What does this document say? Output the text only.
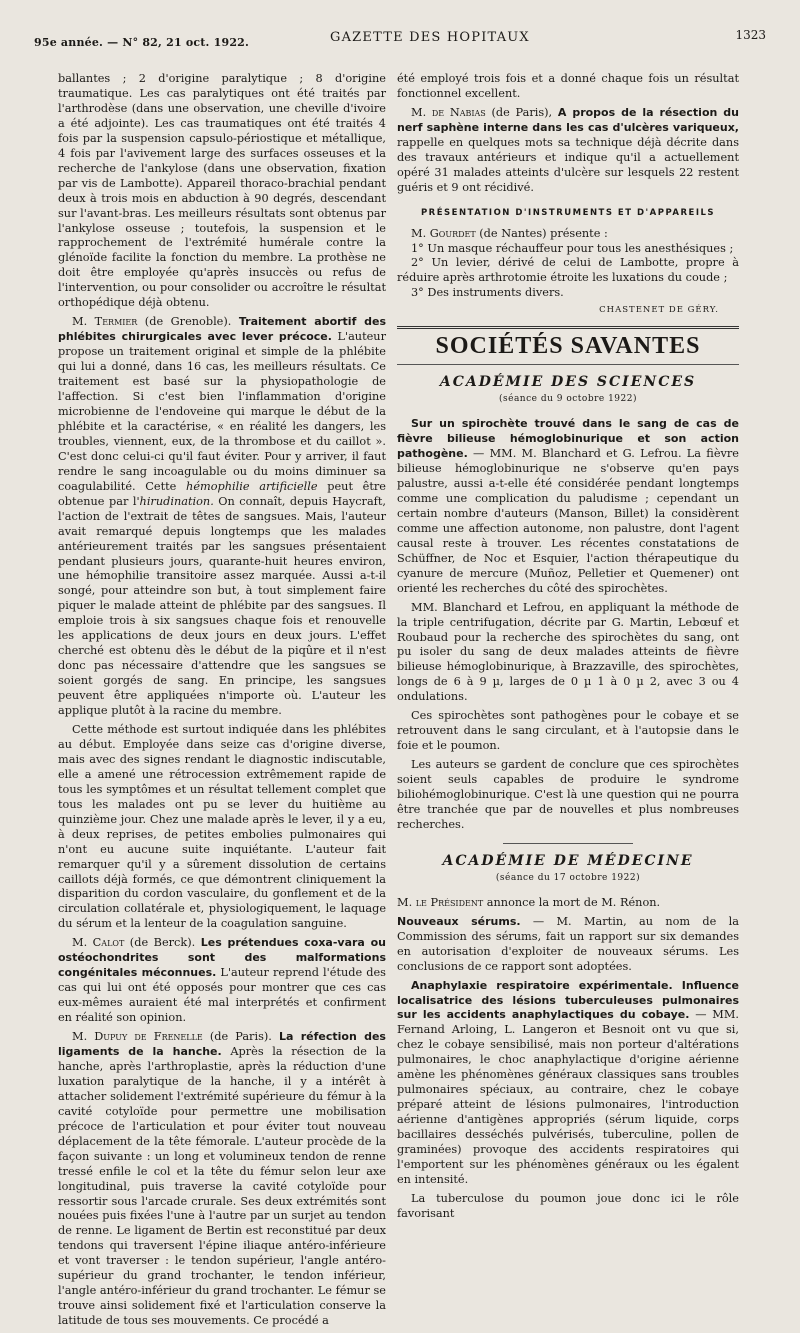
95e année. — N° 82, 21 oct. 1922.	GAZETTE DES HOPITAUX	1323

ballantes ; 2 d'origine paralytique ; 8 d'origine traumatique. Les cas paralytiques ont été traités par l'arthrodèse (dans une observation, une cheville d'ivoire a été adjointe). Les cas traumatiques ont été traités 4 fois par la suspension capsulo-périostique et métallique, 4 fois par l'avivement large des surfaces osseuses et la recherche de l'ankylose (dans une observation, fixation par vis de Lambotte). Appareil thoraco-brachial pendant deux à trois mois en abduction à 90 degrés, descendant sur l'avant-bras. Les meilleurs résultats sont obtenus par l'ankylose osseuse ; toutefois, la suspension et le rapprochement de l'extrémité humérale contre la glénoïde facilite la fonction du membre. La prothèse ne doit être employée qu'après insuccès ou refus de l'intervention, ou pour consolider ou accroître le résultat orthopédique déjà obtenu.

M. Termier (de Grenoble). Traitement abortif des phlébites chirurgicales avec lever précoce. L'auteur propose un traitement original et simple de la phlébite qui lui a donné, dans 16 cas, les meilleurs résultats. Ce traitement est basé sur la physiopathologie de l'affection. Si c'est bien l'inflammation d'origine microbienne de l'endoveine qui marque le début de la phlébite et la caractérise, « en réalité les dangers, les troubles, viennent, eux, de la thrombose et du caillot ». C'est donc celui-ci qu'il faut éviter. Pour y arriver, il faut rendre le sang incoagulable ou du moins diminuer sa coagulabilité. Cette hémophilie artificielle peut être obtenue par l'hirudination. On connaît, depuis Haycraft, l'action de l'extrait de têtes de sangsues. Mais, l'auteur avait remarqué depuis longtemps que les malades antérieurement traités par les sangsues présentaient pendant plusieurs jours, quarante-huit heures environ, une hémophilie transitoire assez marquée. Aussi a-t-il songé, pour atteindre son but, à tout simplement faire piquer le malade atteint de phlébite par des sangsues. Il emploie trois à six sangsues chaque fois et renouvelle les applications de deux jours en deux jours. L'effet cherché est obtenu dès le début de la piqûre et il n'est donc pas nécessaire d'attendre que les sangsues se soient gorgés de sang. En principe, les sangsues peuvent être appliquées n'importe où. L'auteur les applique plutôt à la racine du membre.

Cette méthode est surtout indiquée dans les phlébites au début. Employée dans seize cas d'origine diverse, mais avec des signes rendant le diagnostic indiscutable, elle a amené une rétrocession extrêmement rapide de tous les symptômes et un résultat tellement complet que tous les malades ont pu se lever du huitième au quinzième jour. Chez une malade après le lever, il y a eu, à deux reprises, de petites embolies pulmonaires qui n'ont eu aucune suite inquiétante. L'auteur fait remarquer qu'il y a sûrement dissolution de certains caillots déjà formés, ce que démontrent cliniquement la disparition du cordon vasculaire, du gonflement et de la circulation collatérale et, physiologiquement, le laquage du sérum et la lenteur de la coagulation sanguine.

M. Calot (de Berck). Les prétendues coxa-vara ou ostéochondrites sont des malformations congénitales méconnues. L'auteur reprend l'étude des cas qui lui ont été opposés pour montrer que ces cas eux-mêmes auraient été mal interprétés et confirment en réalité son opinion.

M. Dupuy de Frenelle (de Paris). La réfection des ligaments de la hanche. Après la résection de la hanche, après l'arthroplastie, après la réduction d'une luxation paralytique de la hanche, il y a intérêt à attacher solidement l'extrémité supérieure du fémur à la cavité cotyloïde pour permettre une mobilisation précoce de l'articulation et pour éviter tout nouveau déplacement de la tête fémorale. L'auteur procède de la façon suivante : un long et volumineux tendon de renne tressé enfile le col et la tête du fémur selon leur axe longitudinal, puis traverse la cavité cotyloïde pour ressortir sous l'arcade crurale. Ses deux extrémités sont nouées puis fixées l'une à l'autre par un surjet au tendon de renne. Le ligament de Bertin est reconstitué par deux tendons qui traversent l'épine iliaque antéro-inférieure et vont traverser : le tendon supérieur, l'angle antéro-supérieur du grand trochanter, le tendon inférieur, l'angle antéro-inférieur du grand trochanter. Le fémur se trouve ainsi solidement fixé et l'articulation conserve la latitude de tous ses mouvements. Ce procédé a

été employé trois fois et a donné chaque fois un résultat fonctionnel excellent.

M. de Nabias (de Paris), A propos de la résection du nerf saphène interne dans les cas d'ulcères variqueux, rappelle en quelques mots sa technique déjà décrite dans des travaux antérieurs et indique qu'il a actuellement opéré 31 malades atteints d'ulcère sur lesquels 22 restent guéris et 9 ont récidivé.

PRÉSENTATION D'INSTRUMENTS ET D'APPAREILS

M. Gourdet (de Nantes) présente :

1° Un masque réchauffeur pour tous les anesthésiques ;

2° Un levier, dérivé de celui de Lambotte, propre à réduire après arthrotomie étroite les luxations du coude ;

3° Des instruments divers.

CHASTENET DE GÉRY.
SOCIÉTÉS SAVANTES
ACADÉMIE DES SCIENCES
(séance du 9 octobre 1922)

Sur un spirochète trouvé dans le sang de cas de fièvre bilieuse hémoglobinurique et son action pathogène. — MM. M. Blanchard et G. Lefrou. La fièvre bilieuse hémoglobinurique ne s'observe qu'en pays palustre, aussi a-t-elle été considérée pendant longtemps comme une complication du paludisme ; cependant un certain nombre d'auteurs (Manson, Billet) la considèrent comme une affection autonome, non palustre, dont l'agent causal reste à trouver. Les récentes constatations de Schüffner, de Noc et Esquier, l'action thérapeutique du cyanure de mercure (Muñoz, Pelletier et Quemener) ont orienté les recherches du côté des spirochètes.

MM. Blanchard et Lefrou, en appliquant la méthode de la triple centrifugation, décrite par G. Martin, Lebœuf et Roubaud pour la recherche des spirochètes du sang, ont pu isoler du sang de deux malades atteints de fièvre bilieuse hémoglobinurique, à Brazzaville, des spirochètes, longs de 6 à 9 µ, larges de 0 µ 1 à 0 µ 2, avec 3 ou 4 ondulations.

Ces spirochètes sont pathogènes pour le cobaye et se retrouvent dans le sang circulant, et à l'autopsie dans le foie et le poumon.

Les auteurs se gardent de conclure que ces spirochètes soient seuls capables de produire le syndrome biliohémoglobinurique. C'est là une question qui ne pourra être tranchée que par de nouvelles et plus nombreuses recherches.

ACADÉMIE DE MÉDECINE
(séance du 17 octobre 1922)

M. le Président annonce la mort de M. Rénon.

Nouveaux sérums. — M. Martin, au nom de la Commission des sérums, fait un rapport sur six demandes en autorisation d'exploiter de nouveaux sérums. Les conclusions de ce rapport sont adoptées.

Anaphylaxie respiratoire expérimentale. Influence localisatrice des lésions tuberculeuses pulmonaires sur les accidents anaphylactiques du cobaye. — MM. Fernand Arloing, L. Langeron et Besnoit ont vu que si, chez le cobaye sensibilisé, mais non porteur d'altérations pulmonaires, le choc anaphylactique d'origine aérienne amène les phénomènes généraux classiques sans troubles pulmonaires spéciaux, au contraire, chez le cobaye préparé atteint de lésions pulmonaires, l'introduction aérienne d'antigènes appropriés (sérum liquide, corps bacillaires desséchés pulvérisés, tuberculine, pollen de graminées) provoque des accidents respiratoires qui l'emportent sur les phénomènes généraux ou les égalent en intensité.

La tuberculose du poumon joue donc ici le rôle favorisant
